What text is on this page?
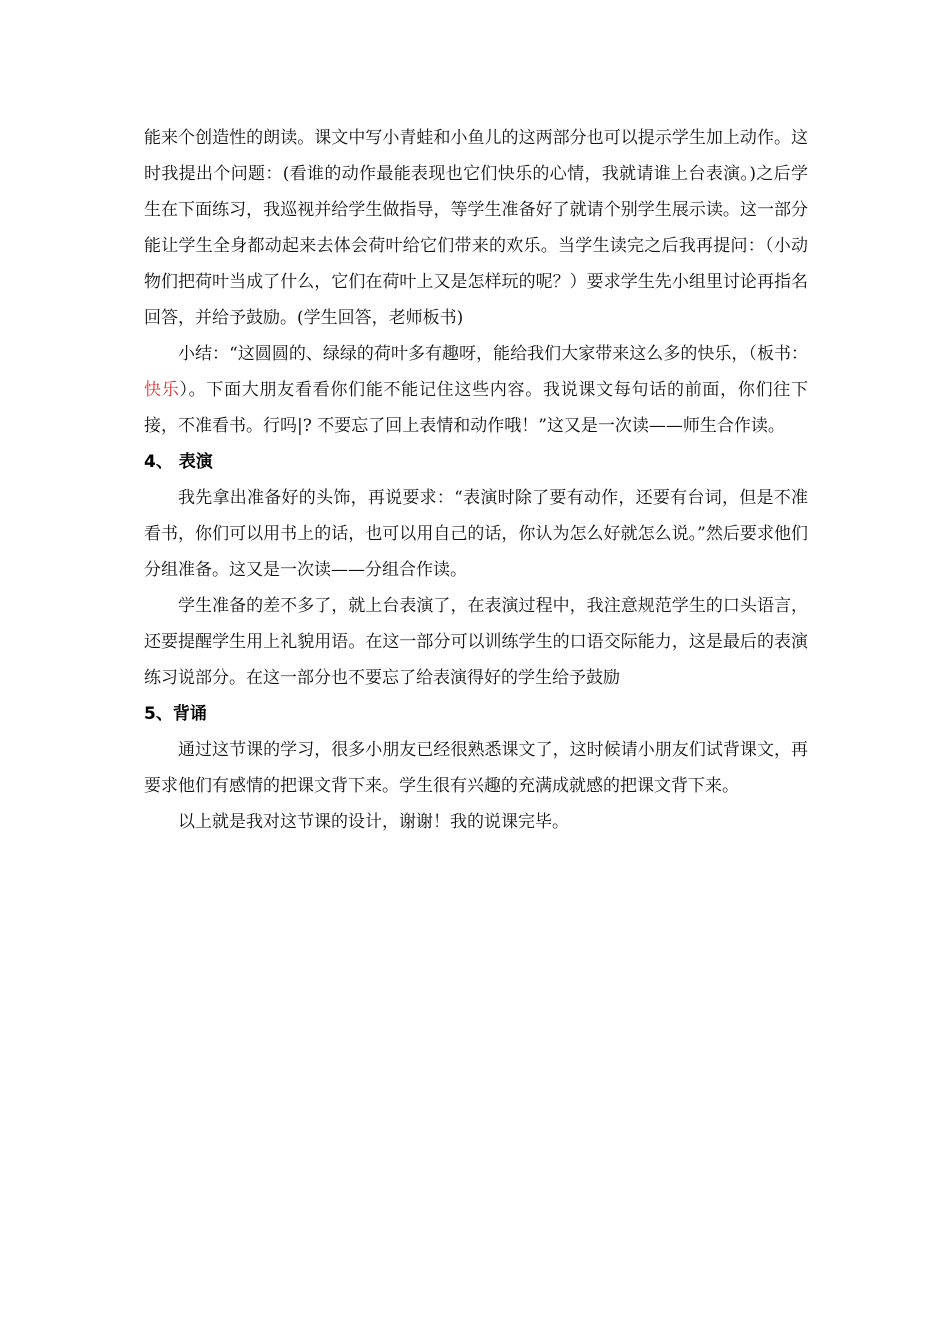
能来个创造性的朗读。课文中写小青蛙和小鱼儿的这两部分也可以提示学生加上动作。这时我提出个问题：(看谁的动作最能表现也它们快乐的心情，我就请谁上台表演。)之后学生在下面练习，我巡视并给学生做指导，等学生准备好了就请个别学生展示读。这一部分能让学生全身都动起来去体会荷叶给它们带来的欢乐。当学生读完之后我再提问：（小动物们把荷叶当成了什么，它们在荷叶上又是怎样玩的呢？）要求学生先小组里讨论再指名回答，并给予鼓励。(学生回答，老师板书)

小结：“这圆圆的、绿绿的荷叶多有趣呀，能给我们大家带来这么多的快乐，（板书：快乐）。下面大朋友看看你们能不能记住这些内容。我说课文每句话的前面，你们往下接，不准看书。行吗|? 不要忘了回上表情和动作哦！”这又是一次读——师生合作读。

4、 表演

我先拿出准备好的头饰，再说要求：“表演时除了要有动作，还要有台词，但是不准看书，你们可以用书上的话，也可以用自己的话，你认为怎么好就怎么说。”然后要求他们分组准备。这又是一次读——分组合作读。

学生准备的差不多了，就上台表演了，在表演过程中，我注意规范学生的口头语言，还要提醒学生用上礼貌用语。在这一部分可以训练学生的口语交际能力，这是最后的表演练习说部分。在这一部分也不要忘了给表演得好的学生给予鼓励

5、背诵

通过这节课的学习，很多小朋友已经很熟悉课文了，这时候请小朋友们试背课文，再要求他们有感情的把课文背下来。学生很有兴趣的充满成就感的把课文背下来。

以上就是我对这节课的设计，谢谢！我的说课完毕。
